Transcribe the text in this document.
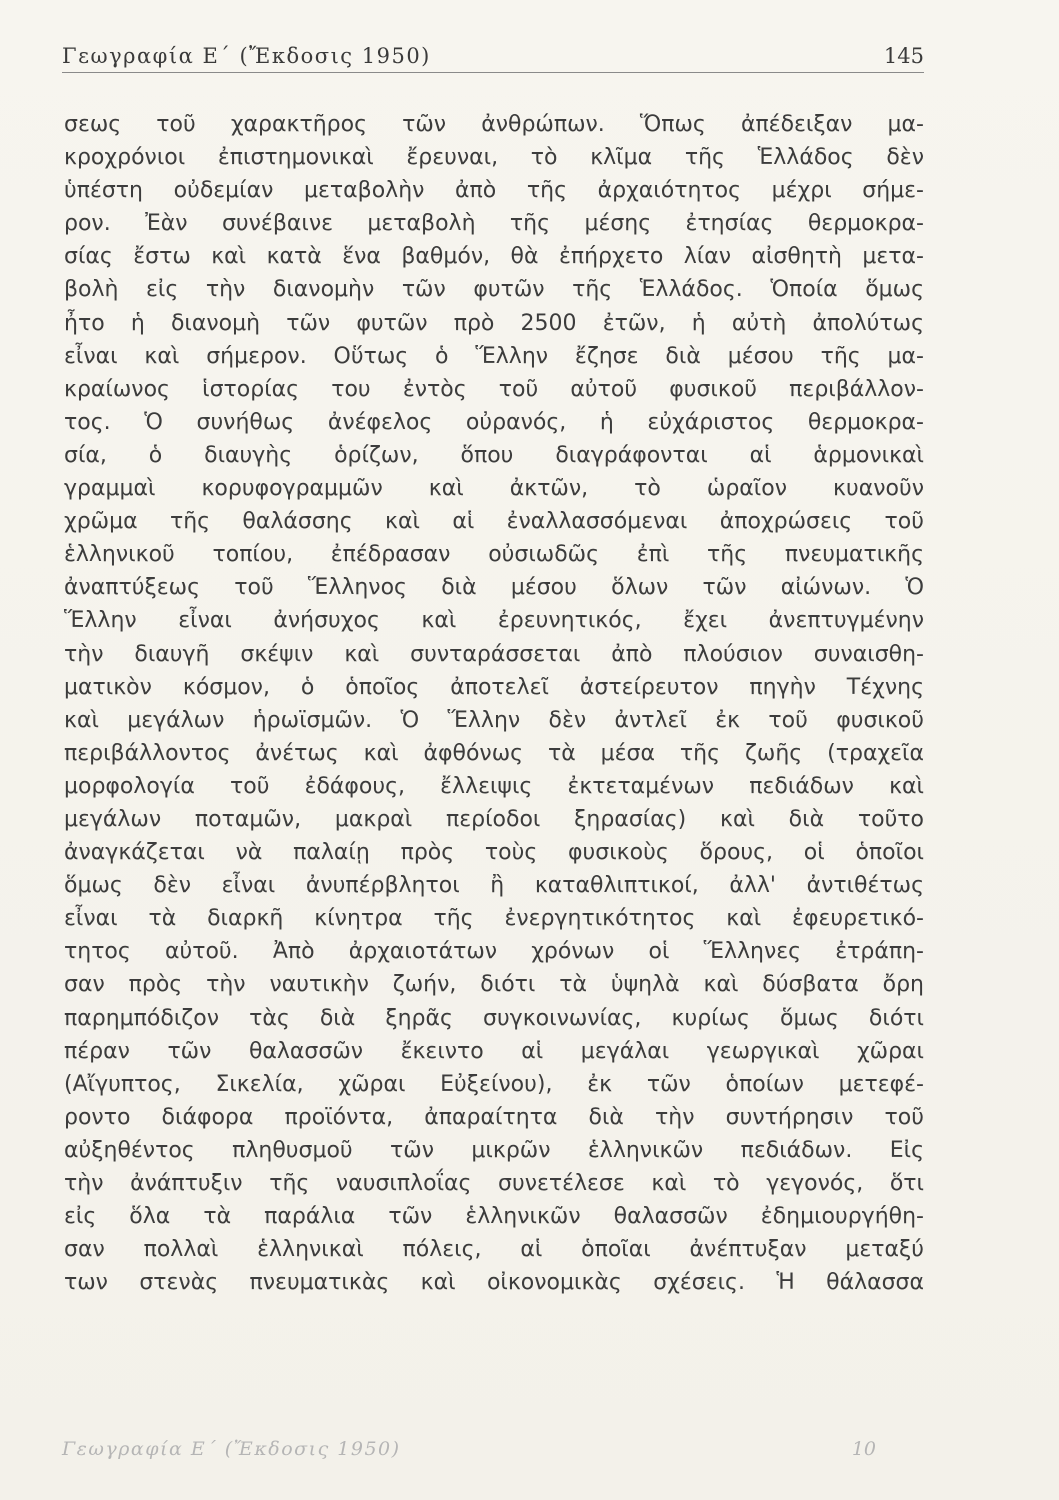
Γεωγραφία Ε΄ (Ἔκδοσις 1950)	145
σεως τοῦ χαρακτῆρος τῶν ἀνθρώπων. Ὅπως ἀπέδειξαν μα-
κροχρόνιοι ἐπιστημονικαὶ ἔρευναι, τὸ κλῖμα τῆς Ἑλλάδος δὲν
ὑπέστη οὐδεμίαν μεταβολὴν ἀπὸ τῆς ἀρχαιότητος μέχρι σήμε-
ρον. Ἐὰν συνέβαινε μεταβολὴ τῆς μέσης ἐτησίας θερμοκρα-
σίας ἔστω καὶ κατὰ ἕνα βαθμόν, θὰ ἐπήρχετο λίαν αἰσθητὴ μετα-
βολὴ εἰς τὴν διανομὴν τῶν φυτῶν τῆς Ἑλλάδος. Ὁποία ὅμως
ἦτο ἡ διανομὴ τῶν φυτῶν πρὸ 2500 ἐτῶν, ἡ αὐτὴ ἀπολύτως
εἶναι καὶ σήμερον. Οὕτως ὁ Ἕλλην ἔζησε διὰ μέσου τῆς μα-
κραίωνος ἱστορίας του ἐντὸς τοῦ αὐτοῦ φυσικοῦ περιβάλλον-
τος. Ὁ συνήθως ἀνέφελος οὐρανός, ἡ εὐχάριστος θερμοκρα-
σία, ὁ διαυγὴς ὁρίζων, ὅπου διαγράφονται αἱ ἁρμονικαὶ
γραμμαὶ κορυφογραμμῶν καὶ ἀκτῶν, τὸ ὡραῖον κυανοῦν
χρῶμα τῆς θαλάσσης καὶ αἱ ἐναλλασσόμεναι ἀποχρώσεις τοῦ
ἑλληνικοῦ τοπίου, ἐπέδρασαν οὐσιωδῶς ἐπὶ τῆς πνευματικῆς
ἀναπτύξεως τοῦ Ἕλληνος διὰ μέσου ὅλων τῶν αἰώνων. Ὁ
Ἕλλην εἶναι ἀνήσυχος καὶ ἐρευνητικός, ἔχει ἀνεπτυγμένην
τὴν διαυγῆ σκέψιν καὶ συνταράσσεται ἀπὸ πλούσιον συναισθη-
ματικὸν κόσμον, ὁ ὁποῖος ἀποτελεῖ ἀστείρευτον πηγὴν Τέχνης
καὶ μεγάλων ἡρωϊσμῶν. Ὁ Ἕλλην δὲν ἀντλεῖ ἐκ τοῦ φυσικοῦ
περιβάλλοντος ἀνέτως καὶ ἀφθόνως τὰ μέσα τῆς ζωῆς (τραχεῖα
μορφολογία τοῦ ἐδάφους, ἔλλειψις ἐκτεταμένων πεδιάδων καὶ
μεγάλων ποταμῶν, μακραὶ περίοδοι ξηρασίας) καὶ διὰ τοῦτο
ἀναγκάζεται νὰ παλαίῃ πρὸς τοὺς φυσικοὺς ὅρους, οἱ ὁποῖοι
ὅμως δὲν εἶναι ἀνυπέρβλητοι ἢ καταθλιπτικοί, ἀλλ' ἀντιθέτως
εἶναι τὰ διαρκῆ κίνητρα τῆς ἐνεργητικότητος καὶ ἐφευρετικό-
τητος αὐτοῦ. Ἀπὸ ἀρχαιοτάτων χρόνων οἱ Ἕλληνες ἐτράπη-
σαν πρὸς τὴν ναυτικὴν ζωήν, διότι τὰ ὑψηλὰ καὶ δύσβατα ὄρη
παρημπόδιζον τὰς διὰ ξηρᾶς συγκοινωνίας, κυρίως ὅμως διότι
πέραν τῶν θαλασσῶν ἔκειντο αἱ μεγάλαι γεωργικαὶ χῶραι
(Αἴγυπτος, Σικελία, χῶραι Εὐξείνου), ἐκ τῶν ὁποίων μετεφέ-
ροντο διάφορα προϊόντα, ἀπαραίτητα διὰ τὴν συντήρησιν τοῦ
αὐξηθέντος πληθυσμοῦ τῶν μικρῶν ἑλληνικῶν πεδιάδων. Εἰς
τὴν ἀνάπτυξιν τῆς ναυσιπλοΐας συνετέλεσε καὶ τὸ γεγονός, ὅτι
εἰς ὅλα τὰ παράλια τῶν ἑλληνικῶν θαλασσῶν ἐδημιουργήθη-
σαν πολλαὶ ἑλληνικαὶ πόλεις, αἱ ὁποῖαι ἀνέπτυξαν μεταξύ
των στενὰς πνευματικὰς καὶ οἰκονομικὰς σχέσεις. Ἡ θάλασσα
Γεωγραφία Ε΄ (Ἔκδοσις 1950)	10
